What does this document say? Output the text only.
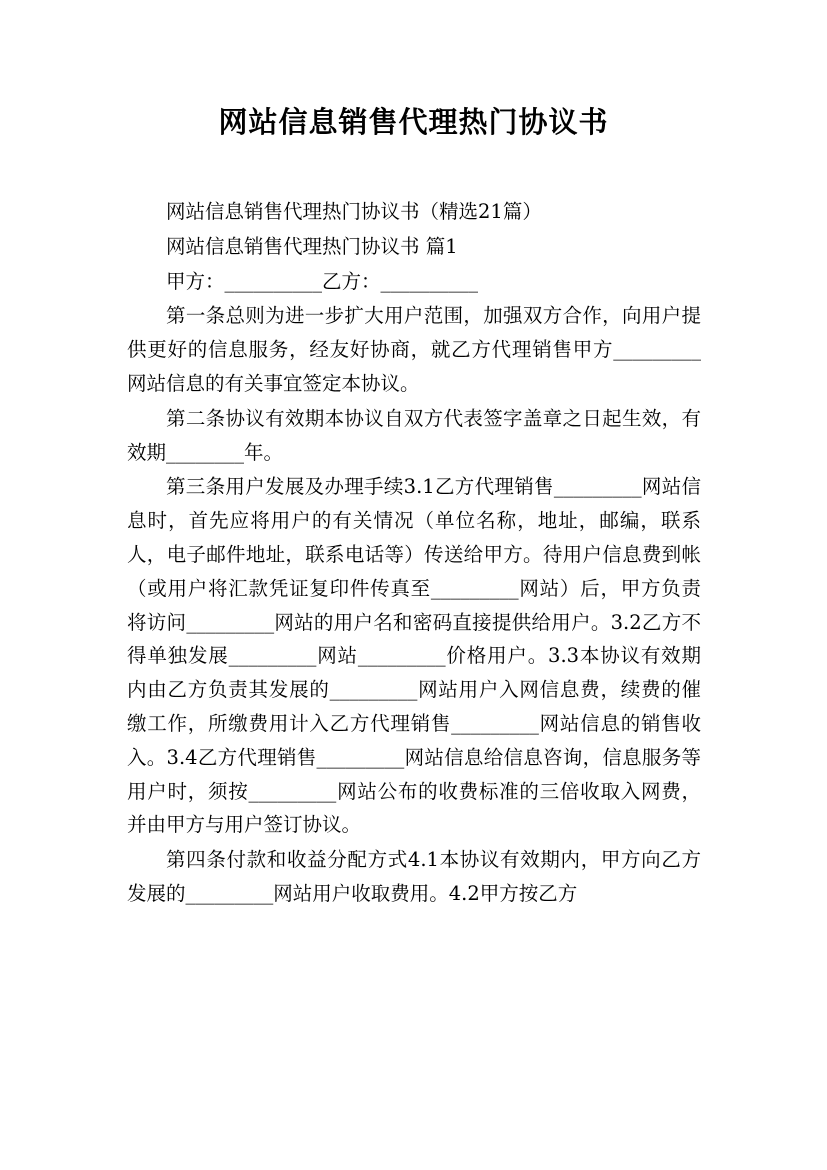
网站信息销售代理热门协议书

网站信息销售代理热门协议书（精选21篇）

网站信息销售代理热门协议书 篇1

甲方：__________乙方：__________

第一条总则为进一步扩大用户范围，加强双方合作，向用户提供更好的信息服务，经友好协商，就乙方代理销售甲方_________网站信息的有关事宜签定本协议。

第二条协议有效期本协议自双方代表签字盖章之日起生效，有效期________年。

第三条用户发展及办理手续3.1乙方代理销售_________网站信息时，首先应将用户的有关情况（单位名称，地址，邮编，联系人，电子邮件地址，联系电话等）传送给甲方。待用户信息费到帐（或用户将汇款凭证复印件传真至_________网站）后，甲方负责将访问_________网站的用户名和密码直接提供给用户。3.2乙方不得单独发展_________网站_________价格用户。3.3本协议有效期内由乙方负责其发展的_________网站用户入网信息费，续费的催缴工作，所缴费用计入乙方代理销售_________网站信息的销售收入。3.4乙方代理销售_________网站信息给信息咨询，信息服务等用户时，须按_________网站公布的收费标准的三倍收取入网费，并由甲方与用户签订协议。

第四条付款和收益分配方式4.1本协议有效期内，甲方向乙方发展的_________网站用户收取费用。4.2甲方按乙方
